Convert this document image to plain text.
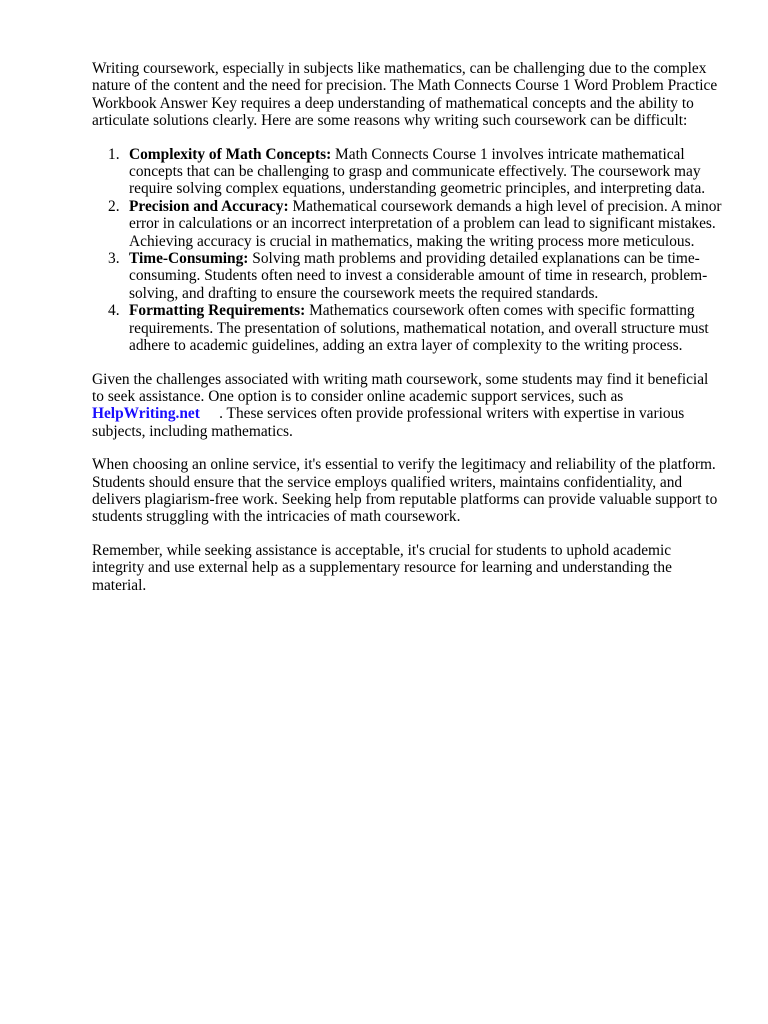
Writing coursework, especially in subjects like mathematics, can be challenging due to the complex nature of the content and the need for precision. The Math Connects Course 1 Word Problem Practice Workbook Answer Key requires a deep understanding of mathematical concepts and the ability to articulate solutions clearly. Here are some reasons why writing such coursework can be difficult:

1. Complexity of Math Concepts: Math Connects Course 1 involves intricate mathematical concepts that can be challenging to grasp and communicate effectively. The coursework may require solving complex equations, understanding geometric principles, and interpreting data.
2. Precision and Accuracy: Mathematical coursework demands a high level of precision. A minor error in calculations or an incorrect interpretation of a problem can lead to significant mistakes. Achieving accuracy is crucial in mathematics, making the writing process more meticulous.
3. Time-Consuming: Solving math problems and providing detailed explanations can be time-consuming. Students often need to invest a considerable amount of time in research, problem-solving, and drafting to ensure the coursework meets the required standards.
4. Formatting Requirements: Mathematics coursework often comes with specific formatting requirements. The presentation of solutions, mathematical notation, and overall structure must adhere to academic guidelines, adding an extra layer of complexity to the writing process.

Given the challenges associated with writing math coursework, some students may find it beneficial to seek assistance. One option is to consider online academic support services, such as HelpWriting.net . These services often provide professional writers with expertise in various subjects, including mathematics.

When choosing an online service, it's essential to verify the legitimacy and reliability of the platform. Students should ensure that the service employs qualified writers, maintains confidentiality, and delivers plagiarism-free work. Seeking help from reputable platforms can provide valuable support to students struggling with the intricacies of math coursework.

Remember, while seeking assistance is acceptable, it's crucial for students to uphold academic integrity and use external help as a supplementary resource for learning and understanding the material.
